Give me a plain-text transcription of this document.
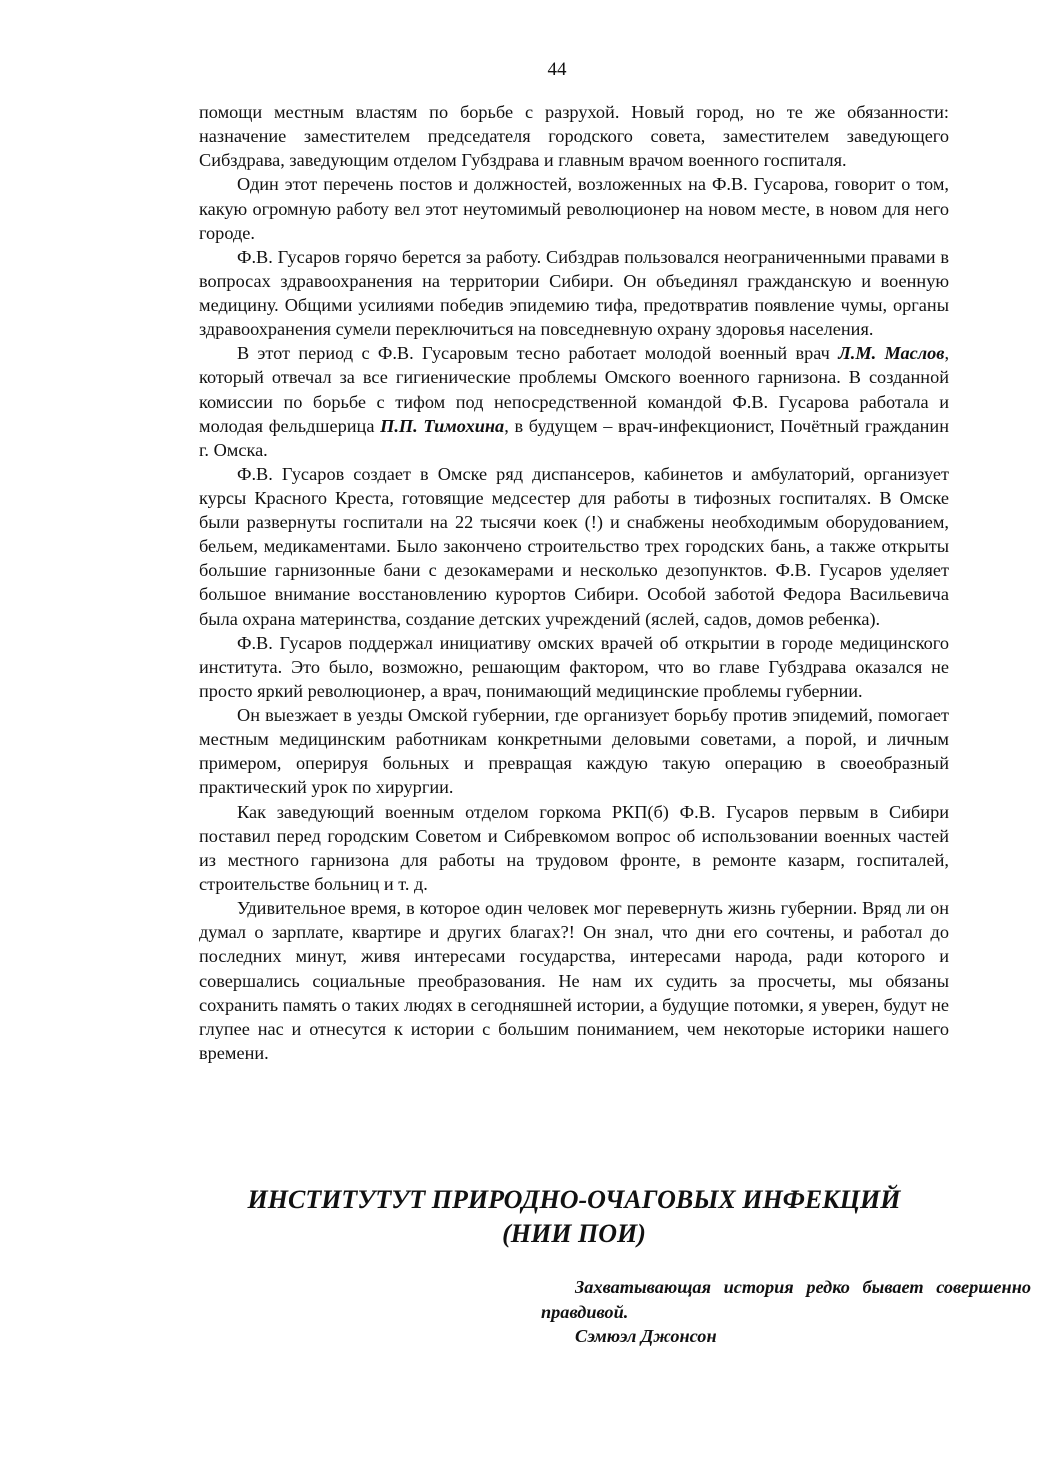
44

помощи местным властям по борьбе с разрухой. Новый город, но те же обязанности: назначение заместителем председателя городского совета, заместителем заведующего Сибздрава, заведующим отделом Губздрава и главным врачом военного госпиталя.

Один этот перечень постов и должностей, возложенных на Ф.В. Гусарова, говорит о том, какую огромную работу вел этот неутомимый революционер на новом месте, в новом для него городе.

Ф.В. Гусаров горячо берется за работу. Сибздрав пользовался неограниченными правами в вопросах здравоохранения на территории Сибири. Он объединял гражданскую и военную медицину. Общими усилиями победив эпидемию тифа, предотвратив появление чумы, органы здравоохранения сумели переключиться на повседневную охрану здоровья населения.

В этот период с Ф.В. Гусаровым тесно работает молодой военный врач Л.М. Маслов, который отвечал за все гигиенические проблемы Омского военного гарнизона. В созданной комиссии по борьбе с тифом под непосредственной командой Ф.В. Гусарова работала и молодая фельдшерица П.П. Тимохина, в будущем – врач-инфекционист, Почётный гражданин г. Омска.

Ф.В. Гусаров создает в Омске ряд диспансеров, кабинетов и амбулаторий, организует курсы Красного Креста, готовящие медсестер для работы в тифозных госпиталях. В Омске были развернуты госпитали на 22 тысячи коек (!) и снабжены необходимым оборудованием, бельем, медикаментами. Было закончено строительство трех городских бань, а также открыты большие гарнизонные бани с дезокамерами и несколько дезопунктов. Ф.В. Гусаров уделяет большое внимание восстановлению курортов Сибири. Особой заботой Федора Васильевича была охрана материнства, создание детских учреждений (яслей, садов, домов ребенка).

Ф.В. Гусаров поддержал инициативу омских врачей об открытии в городе медицинского института. Это было, возможно, решающим фактором, что во главе Губздрава оказался не просто яркий революционер, а врач, понимающий медицинские проблемы губернии.

Он выезжает в уезды Омской губернии, где организует борьбу против эпидемий, помогает местным медицинским работникам конкретными деловыми советами, а порой, и личным примером, оперируя больных и превращая каждую такую операцию в своеобразный практический урок по хирургии.

Как заведующий военным отделом горкома РКП(б) Ф.В. Гусаров первым в Сибири поставил перед городским Советом и Сибревкомом вопрос об использовании военных частей из местного гарнизона для работы на трудовом фронте, в ремонте казарм, госпиталей, строительстве больниц и т. д.

Удивительное время, в которое один человек мог перевернуть жизнь губернии. Вряд ли он думал о зарплате, квартире и других благах?! Он знал, что дни его сочтены, и работал до последних минут, живя интересами государства, интересами народа, ради которого и совершались социальные преобразования. Не нам их судить за просчеты, мы обязаны сохранить память о таких людях в сегодняшней истории, а будущие потомки, я уверен, будут не глупее нас и отнесутся к истории с большим пониманием, чем некоторые историки нашего времени.

ИНСТИТУТУТ ПРИРОДНО-ОЧАГОВЫХ ИНФЕКЦИЙ
(НИИ ПОИ)

Захватывающая история редко бывает совершенно правдивой.

Сэмюэл Джонсон
